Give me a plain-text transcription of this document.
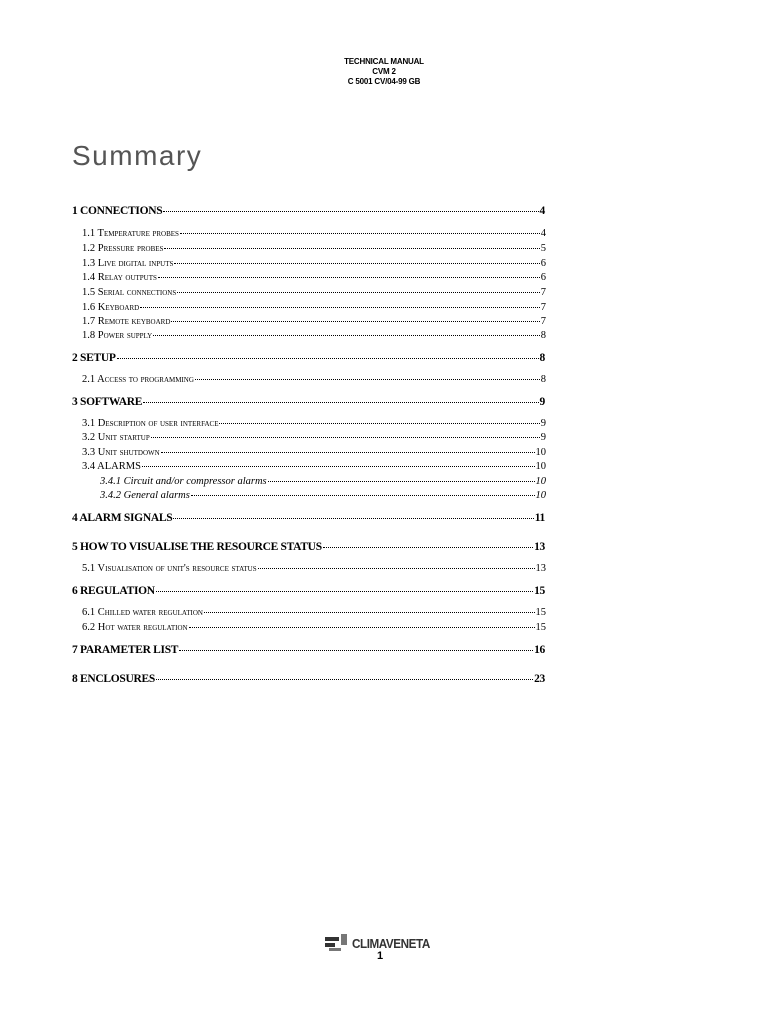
TECHNICAL MANUAL
CVM 2
C 5001 CV/04-99 GB
Summary
1 CONNECTIONS	4
1.1 Temperature probes	4
1.2 Pressure probes	5
1.3 Live digital inputs	6
1.4 Relay outputs	6
1.5 Serial connections	7
1.6 Keyboard	7
1.7 Remote keyboard	7
1.8 Power supply	8
2 SETUP	8
2.1 Access to programming	8
3 SOFTWARE	9
3.1 Description of user interface	9
3.2 Unit startup	9
3.3 Unit shutdown	10
3.4 ALARMS	10
3.4.1 Circuit and/or compressor alarms	10
3.4.2 General alarms	10
4 ALARM SIGNALS	11
5 HOW TO VISUALISE THE RESOURCE STATUS	13
5.1 Visualisation of unit's resource status	13
6 REGULATION	15
6.1 Chilled water regulation	15
6.2 Hot water regulation	15
7 PARAMETER LIST	16
8 ENCLOSURES	23
CLIMAVENETA
1
